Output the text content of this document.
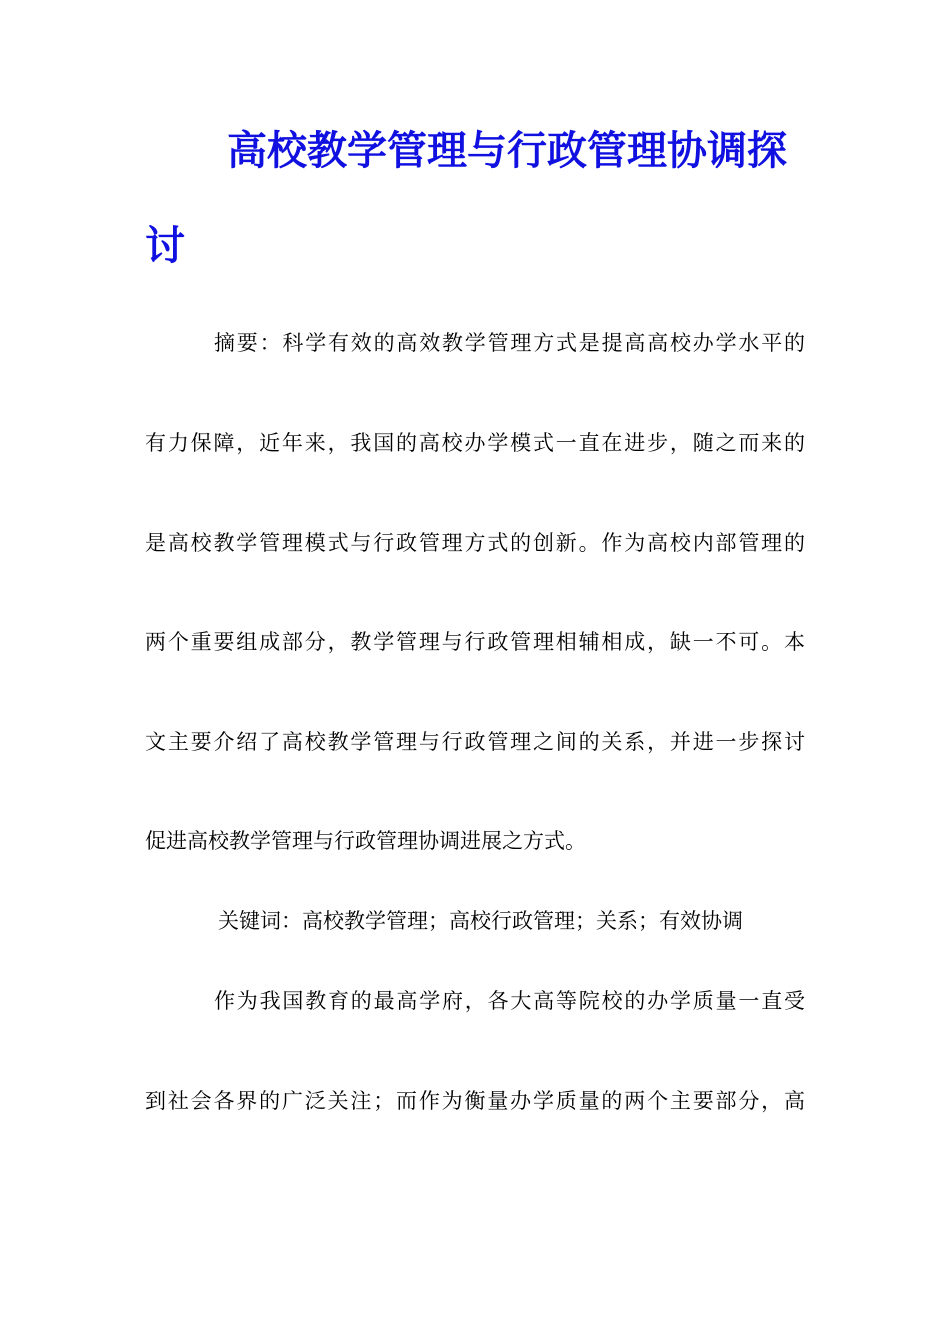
高校教学管理与行政管理协调探
讨
摘要：科学有效的高效教学管理方式是提高高校办学水平的
有力保障，近年来，我国的高校办学模式一直在进步，随之而来的
是高校教学管理模式与行政管理方式的创新。作为高校内部管理的
两个重要组成部分，教学管理与行政管理相辅相成，缺一不可。本
文主要介绍了高校教学管理与行政管理之间的关系，并进一步探讨
促进高校教学管理与行政管理协调进展之方式。
关键词：高校教学管理；高校行政管理；关系；有效协调
作为我国教育的最高学府，各大高等院校的办学质量一直受
到社会各界的广泛关注；而作为衡量办学质量的两个主要部分，高
